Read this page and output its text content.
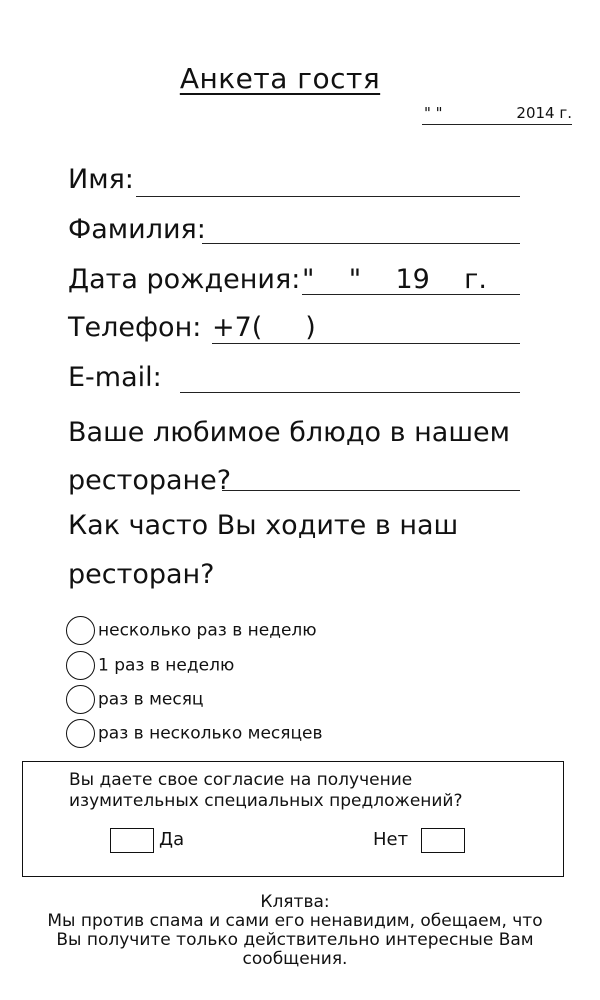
Анкета гостя
" "	2014 г.
Имя:
Фамилия:
Дата рождения: "    "    19    г.
Телефон: +7(     )
E-mail:
Ваше любимое блюдо в нашем
ресторане?
Как часто Вы ходите в наш
ресторан?
несколько раз в неделю
1 раз в неделю
раз в месяц
раз в несколько месяцев
Вы даете свое согласие на получение
изумительных специальных предложений?
Да	Нет
Клятва:
Мы против спама и сами его ненавидим, обещаем, что
Вы получите только действительно интересные Вам
сообщения.
